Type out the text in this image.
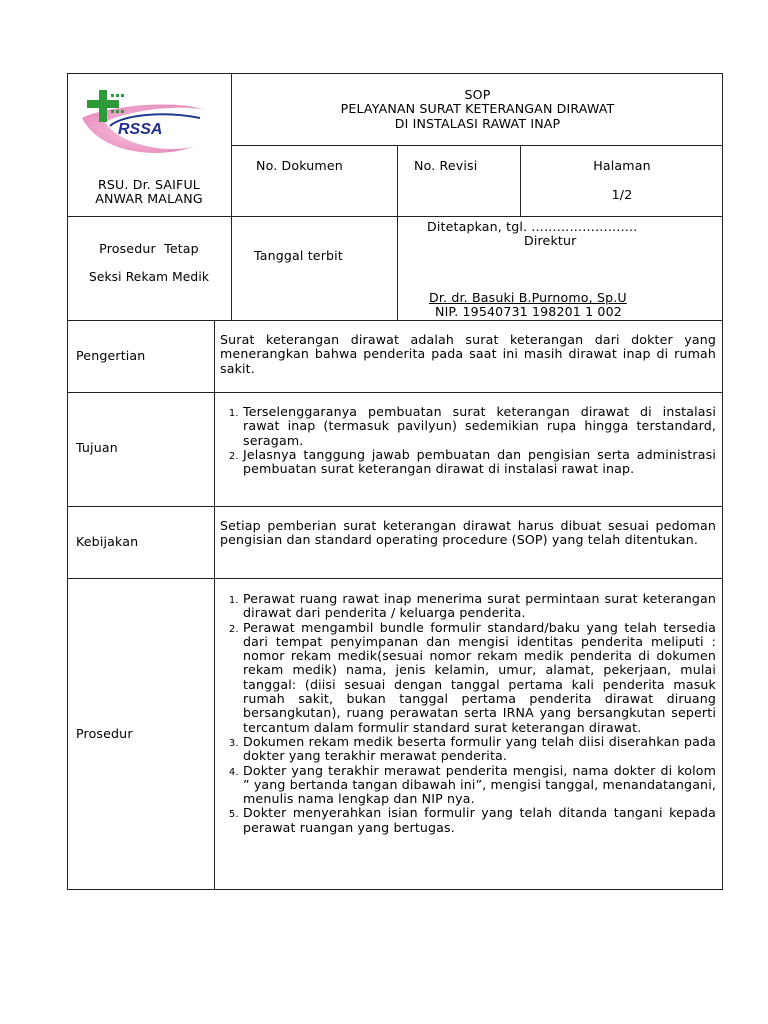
RSSA
RSU. Dr. SAIFUL
ANWAR MALANG
SOP
PELAYANAN SURAT KETERANGAN DIRAWAT
DI INSTALASI RAWAT INAP
No. Dokumen	No. Revisi	Halaman
1/2
Prosedur  Tetap
Seksi Rekam Medik
Tanggal terbit
Ditetapkan, tgl. …………………….
Direktur
Dr. dr. Basuki B.Purnomo, Sp.U
NIP. 19540731 198201 1 002
Pengertian
Surat keterangan dirawat adalah surat keterangan dari dokter yang menerangkan bahwa penderita pada saat ini masih dirawat inap di rumah sakit.
Tujuan
1. Terselenggaranya pembuatan surat keterangan dirawat di instalasi rawat inap (termasuk pavilyun) sedemikian rupa hingga terstandard, seragam.
2. Jelasnya tanggung jawab pembuatan dan pengisian serta administrasi pembuatan surat keterangan dirawat di instalasi rawat inap.
Kebijakan
Setiap pemberian surat keterangan dirawat harus dibuat sesuai pedoman pengisian dan standard operating procedure (SOP) yang telah ditentukan.
Prosedur
1. Perawat ruang rawat inap menerima surat permintaan surat keterangan dirawat dari penderita / keluarga penderita.
2. Perawat mengambil bundle formulir standard/baku yang telah tersedia dari tempat penyimpanan dan mengisi identitas penderita meliputi : nomor rekam medik(sesuai nomor rekam medik penderita di dokumen rekam medik) nama, jenis kelamin, umur, alamat, pekerjaan, mulai tanggal: (diisi sesuai dengan tanggal pertama kali penderita masuk rumah sakit, bukan tanggal pertama penderita dirawat diruang bersangkutan), ruang perawatan serta IRNA yang bersangkutan seperti tercantum dalam formulir standard surat keterangan dirawat.
3. Dokumen rekam medik beserta formulir yang telah diisi diserahkan pada dokter yang terakhir merawat penderita.
4. Dokter yang terakhir merawat penderita mengisi, nama dokter di kolom ” yang bertanda tangan dibawah ini”, mengisi tanggal, menandatangani, menulis nama lengkap dan NIP nya.
5. Dokter menyerahkan isian formulir yang telah ditanda tangani kepada perawat ruangan yang bertugas.
